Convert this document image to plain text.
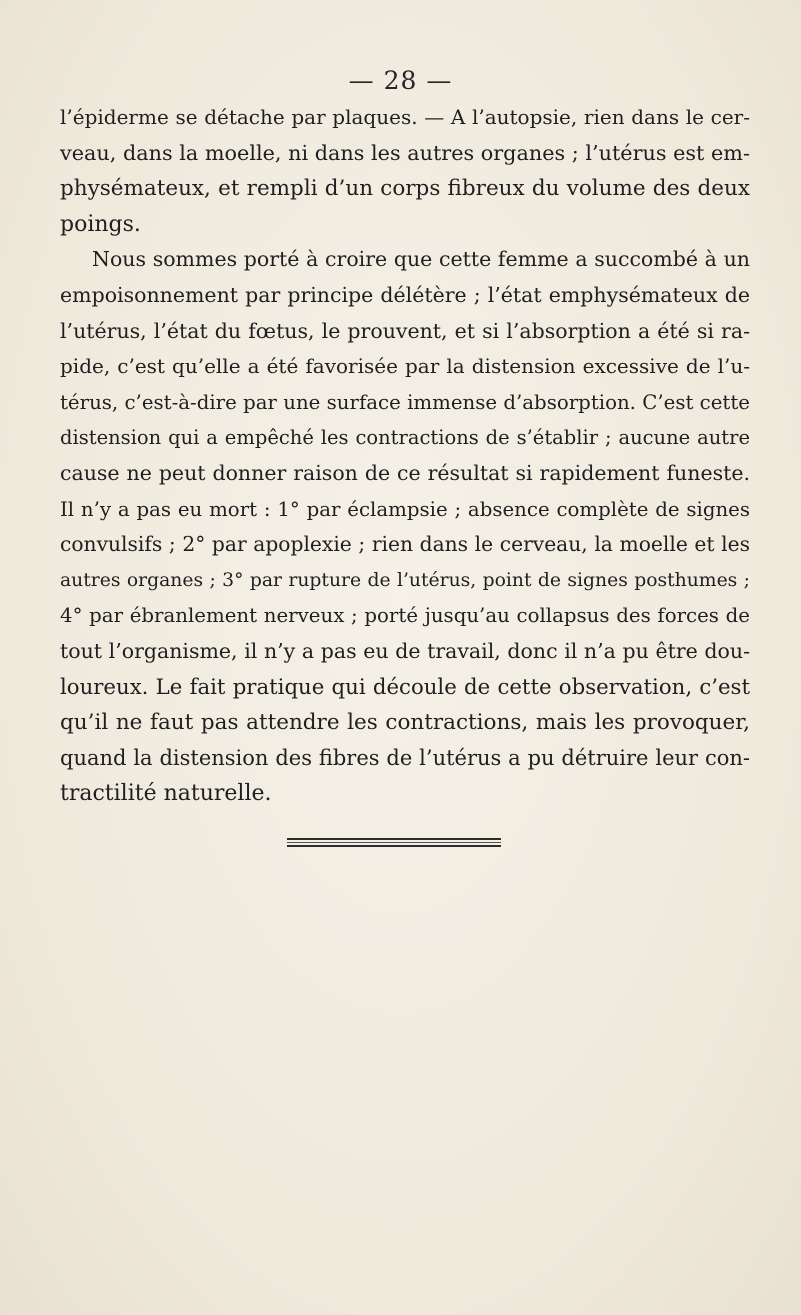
— 28 —
l’épiderme se détache par plaques. — A l’autopsie, rien dans le cer-
veau, dans la moelle, ni dans les autres organes ; l’utérus est em-
physémateux, et rempli d’un corps fibreux du volume des deux
poings.
Nous sommes porté à croire que cette femme a succombé à un
empoisonnement par principe délétère ; l’état emphysémateux de
l’utérus, l’état du fœtus, le prouvent, et si l’absorption a été si ra-
pide, c’est qu’elle a été favorisée par la distension excessive de l’u-
térus, c’est-à-dire par une surface immense d’absorption. C’est cette
distension qui a empêché les contractions de s’établir ; aucune autre
cause ne peut donner raison de ce résultat si rapidement funeste.
Il n’y a pas eu mort : 1° par éclampsie ; absence complète de signes
convulsifs ; 2° par apoplexie ; rien dans le cerveau, la moelle et les
autres organes ; 3° par rupture de l’utérus, point de signes posthumes ;
4° par ébranlement nerveux ; porté jusqu’au collapsus des forces de
tout l’organisme, il n’y a pas eu de travail, donc il n’a pu être dou-
loureux. Le fait pratique qui découle de cette observation, c’est
qu’il ne faut pas attendre les contractions, mais les provoquer,
quand la distension des fibres de l’utérus a pu détruire leur con-
tractilité naturelle.
